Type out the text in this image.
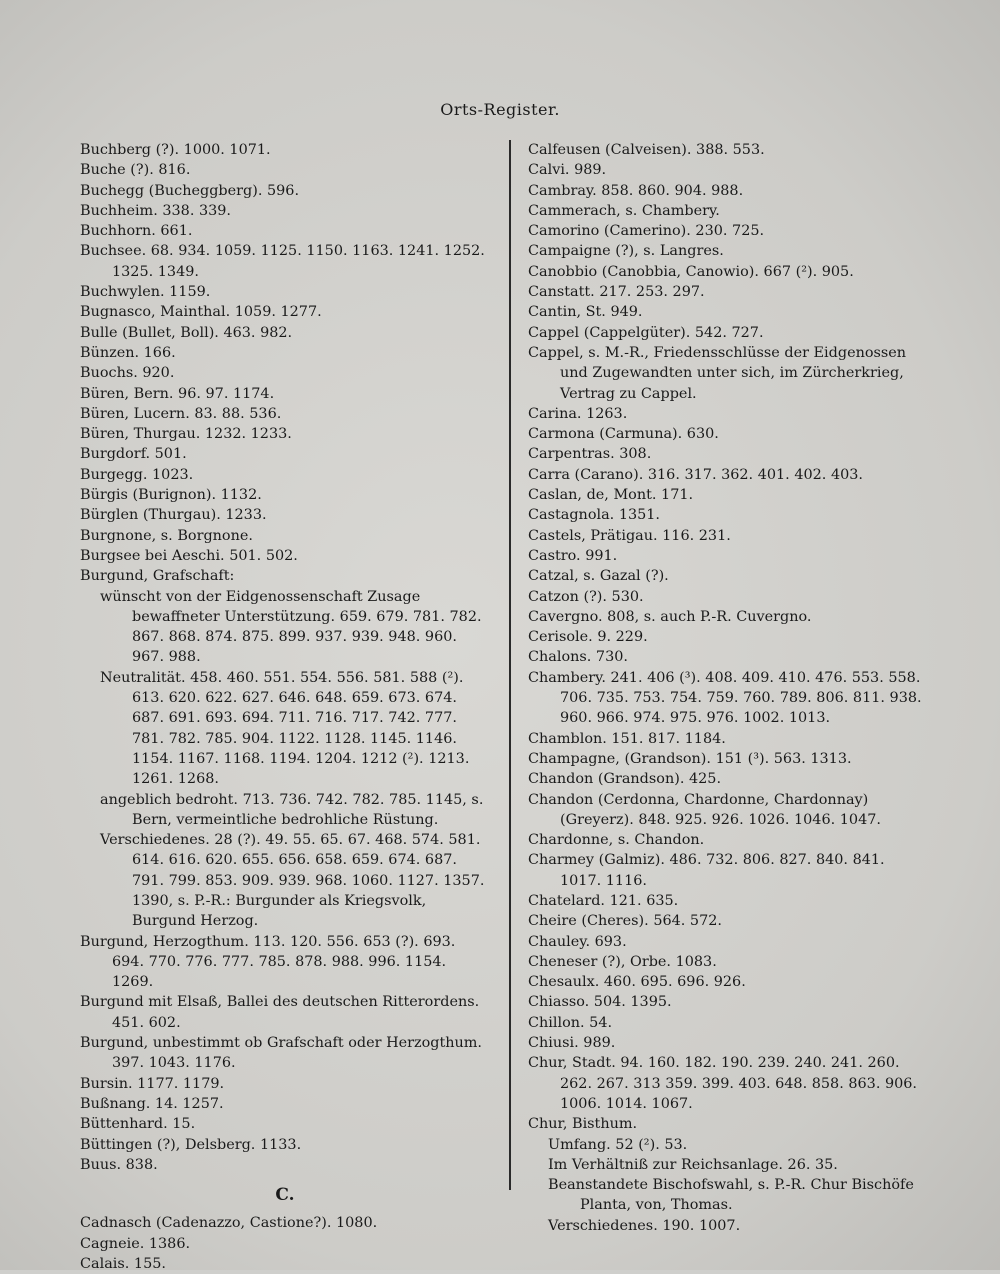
Orts-Register.
Buchberg (?). 1000. 1071.
Buche (?). 816.
Buchegg (Bucheggberg). 596.
Buchheim. 338. 339.
Buchhorn. 661.
Buchsee. 68. 934. 1059. 1125. 1150. 1163. 1241. 1252. 1325. 1349.
Buchwylen. 1159.
Bugnasco, Mainthal. 1059. 1277.
Bulle (Bullet, Boll). 463. 982.
Bünzen. 166.
Buochs. 920.
Büren, Bern. 96. 97. 1174.
Büren, Lucern. 83. 88. 536.
Büren, Thurgau. 1232. 1233.
Burgdorf. 501.
Burgegg. 1023.
Bürgis (Burignon). 1132.
Bürglen (Thurgau). 1233.
Burgnone, s. Borgnone.
Burgsee bei Aeschi. 501. 502.
Burgund, Grafschaft:
wünscht von der Eidgenossenschaft Zusage bewaffneter Unterstützung. 659. 679. 781. 782. 867. 868. 874. 875. 899. 937. 939. 948. 960. 967. 988.
Neutralität. 458. 460. 551. 554. 556. 581. 588 (²). 613. 620. 622. 627. 646. 648. 659. 673. 674. 687. 691. 693. 694. 711. 716. 717. 742. 777. 781. 782. 785. 904. 1122. 1128. 1145. 1146. 1154. 1167. 1168. 1194. 1204. 1212 (²). 1213. 1261. 1268.
angeblich bedroht. 713. 736. 742. 782. 785. 1145, s. Bern, vermeintliche bedrohliche Rüstung.
Verschiedenes. 28 (?). 49. 55. 65. 67. 468. 574. 581. 614. 616. 620. 655. 656. 658. 659. 674. 687. 791. 799. 853. 909. 939. 968. 1060. 1127. 1357. 1390, s. P.-R.: Burgunder als Kriegsvolk, Burgund Herzog.
Burgund, Herzogthum. 113. 120. 556. 653 (?). 693. 694. 770. 776. 777. 785. 878. 988. 996. 1154. 1269.
Burgund mit Elsaß, Ballei des deutschen Ritterordens. 451. 602.
Burgund, unbestimmt ob Grafschaft oder Herzogthum. 397. 1043. 1176.
Bursin. 1177. 1179.
Bußnang. 14. 1257.
Büttenhard. 15.
Büttingen (?), Delsberg. 1133.
Buus. 838.
C.
Cadnasch (Cadenazzo, Castione?). 1080.
Cagneie. 1386.
Calais. 155.
Calfeusen (Calveisen). 388. 553.
Calvi. 989.
Cambray. 858. 860. 904. 988.
Cammerach, s. Chambery.
Camorino (Camerino). 230. 725.
Campaigne (?), s. Langres.
Canobbio (Canobbia, Canowio). 667 (²). 905.
Canstatt. 217. 253. 297.
Cantin, St. 949.
Cappel (Cappelgüter). 542. 727.
Cappel, s. M.-R., Friedensschlüsse der Eidgenossen und Zugewandten unter sich, im Zürcherkrieg, Vertrag zu Cappel.
Carina. 1263.
Carmona (Carmuna). 630.
Carpentras. 308.
Carra (Carano). 316. 317. 362. 401. 402. 403.
Caslan, de, Mont. 171.
Castagnola. 1351.
Castels, Prätigau. 116. 231.
Castro. 991.
Catzal, s. Gazal (?).
Catzon (?). 530.
Cavergno. 808, s. auch P.-R. Cuvergno.
Cerisole. 9. 229.
Chalons. 730.
Chambery. 241. 406 (³). 408. 409. 410. 476. 553. 558. 706. 735. 753. 754. 759. 760. 789. 806. 811. 938. 960. 966. 974. 975. 976. 1002. 1013.
Chamblon. 151. 817. 1184.
Champagne, (Grandson). 151 (³). 563. 1313.
Chandon (Grandson). 425.
Chandon (Cerdonna, Chardonne, Chardonnay) (Greyerz). 848. 925. 926. 1026. 1046. 1047.
Chardonne, s. Chandon.
Charmey (Galmiz). 486. 732. 806. 827. 840. 841. 1017. 1116.
Chatelard. 121. 635.
Cheire (Cheres). 564. 572.
Chauley. 693.
Cheneser (?), Orbe. 1083.
Chesaulx. 460. 695. 696. 926.
Chiasso. 504. 1395.
Chillon. 54.
Chiusi. 989.
Chur, Stadt. 94. 160. 182. 190. 239. 240. 241. 260. 262. 267. 313 359. 399. 403. 648. 858. 863. 906. 1006. 1014. 1067.
Chur, Bisthum.
Umfang. 52 (²). 53.
Im Verhältniß zur Reichsanlage. 26. 35.
Beanstandete Bischofswahl, s. P.-R. Chur Bischöfe Planta, von, Thomas.
Verschiedenes. 190. 1007.
